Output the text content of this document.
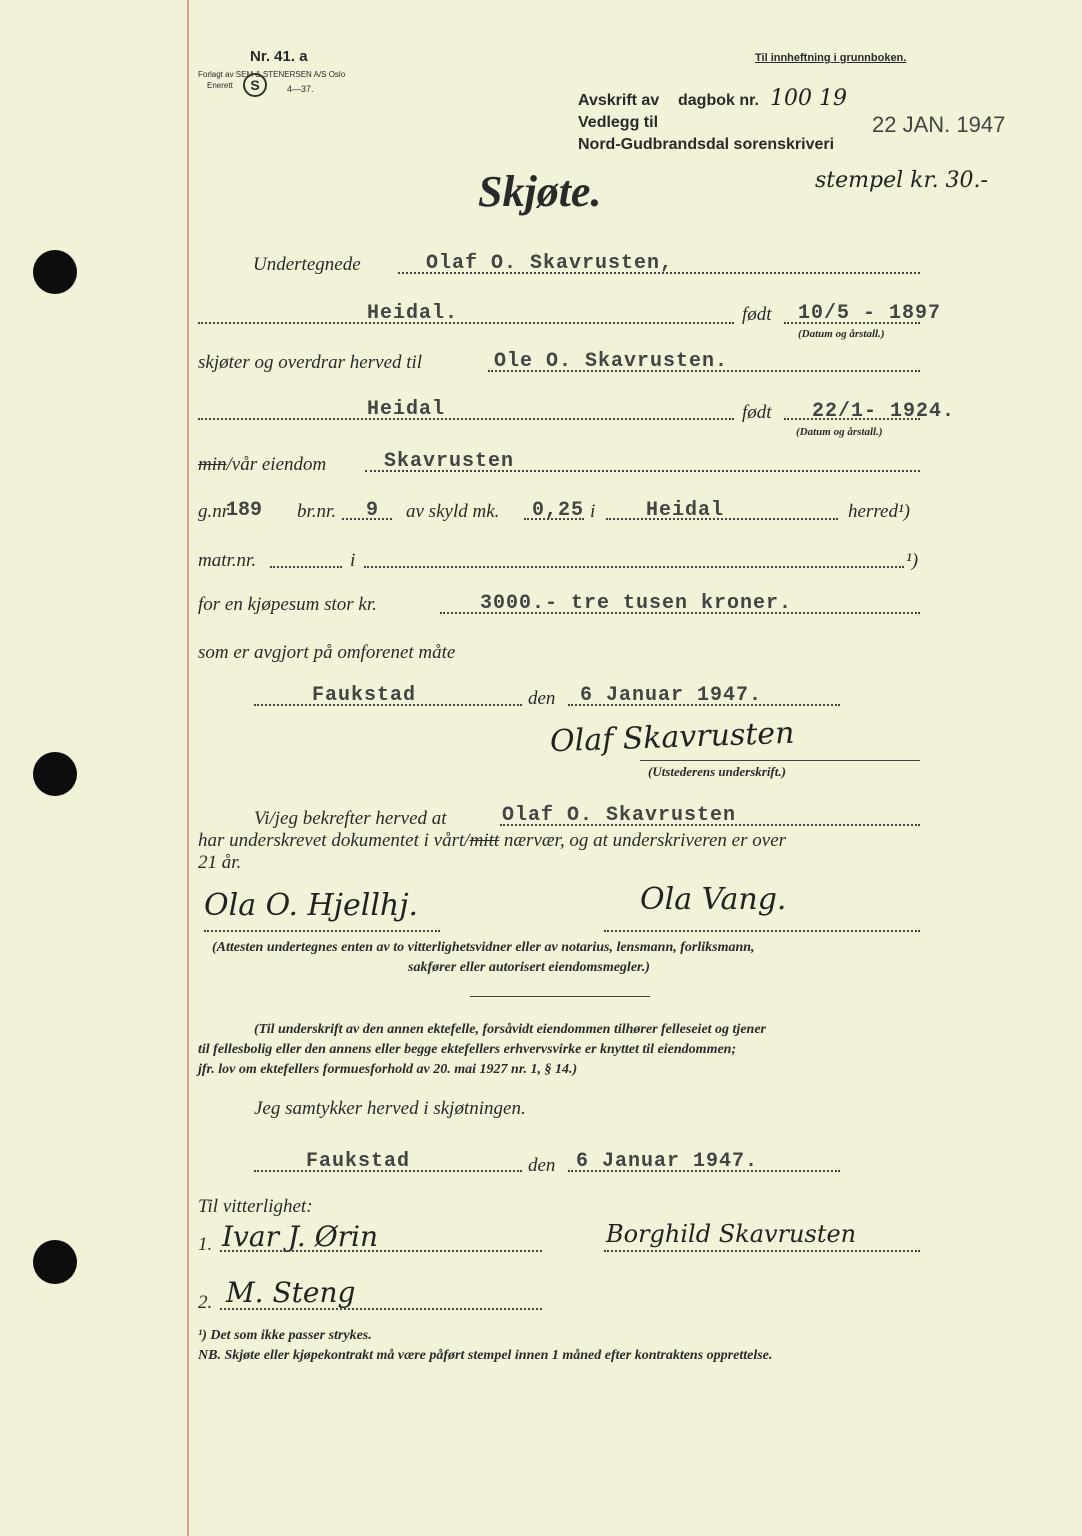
Nr. 41. a
Forlagt av SEM & STENERSEN A/S Oslo
Enerett	S	4—37.
Til innheftning i grunnboken.
Avskrift av dagbok nr. 100 19
Vedlegg til
Nord-Gudbrandsdal sorenskriveri
22 JAN. 1947
stempel kr. 30.-
Skjøte.
Undertegnede	Olaf O. Skavrusten,
Heidal.	født 10/5 - 1897
(Datum og årstall.)
skjøter og overdrar herved til	Ole O. Skavrusten.
Heidal	født 22/1- 1924.
(Datum og årstall.)
min/vår eiendom	Skavrusten
g.nr
189 br.nr. 9 av skyld mk. 0,25 i	Heidal	herred¹)
matr.nr.	i	¹)
for en kjøpesum stor kr.	3000.- tre tusen kroner.
som er avgjort på omforenet måte
Faukstad	den 6 Januar 1947.
Olaf Skavrusten
(Utstederens underskrift.)
Vi/jeg bekrefter herved at	Olaf O. Skavrusten
har underskrevet dokumentet i vårt/mitt nærvær, og at underskriveren er over
21 år.
Ola O. Hjellhj.	Ola Vang.
(Attesten undertegnes enten av to vitterlighetsvidner eller av notarius, lensmann, forliksmann,
sakfører eller autorisert eiendomsmegler.)
(Til underskrift av den annen ektefelle, forsåvidt eiendommen tilhører felleseiet og tjener
til fellesbolig eller den annens eller begge ektefellers erhvervsvirke er knyttet til eiendommen;
jfr. lov om ektefellers formuesforhold av 20. mai 1927 nr. 1, § 14.)
Jeg samtykker herved i skjøtningen.
Faukstad	den 6 Januar 1947.
Til vitterlighet:
1. Ivar J. Ørin	Borghild Skavrusten
2. M. Steng
¹) Det som ikke passer strykes.
NB. Skjøte eller kjøpekontrakt må være påført stempel innen 1 måned efter kontraktens opprettelse.
